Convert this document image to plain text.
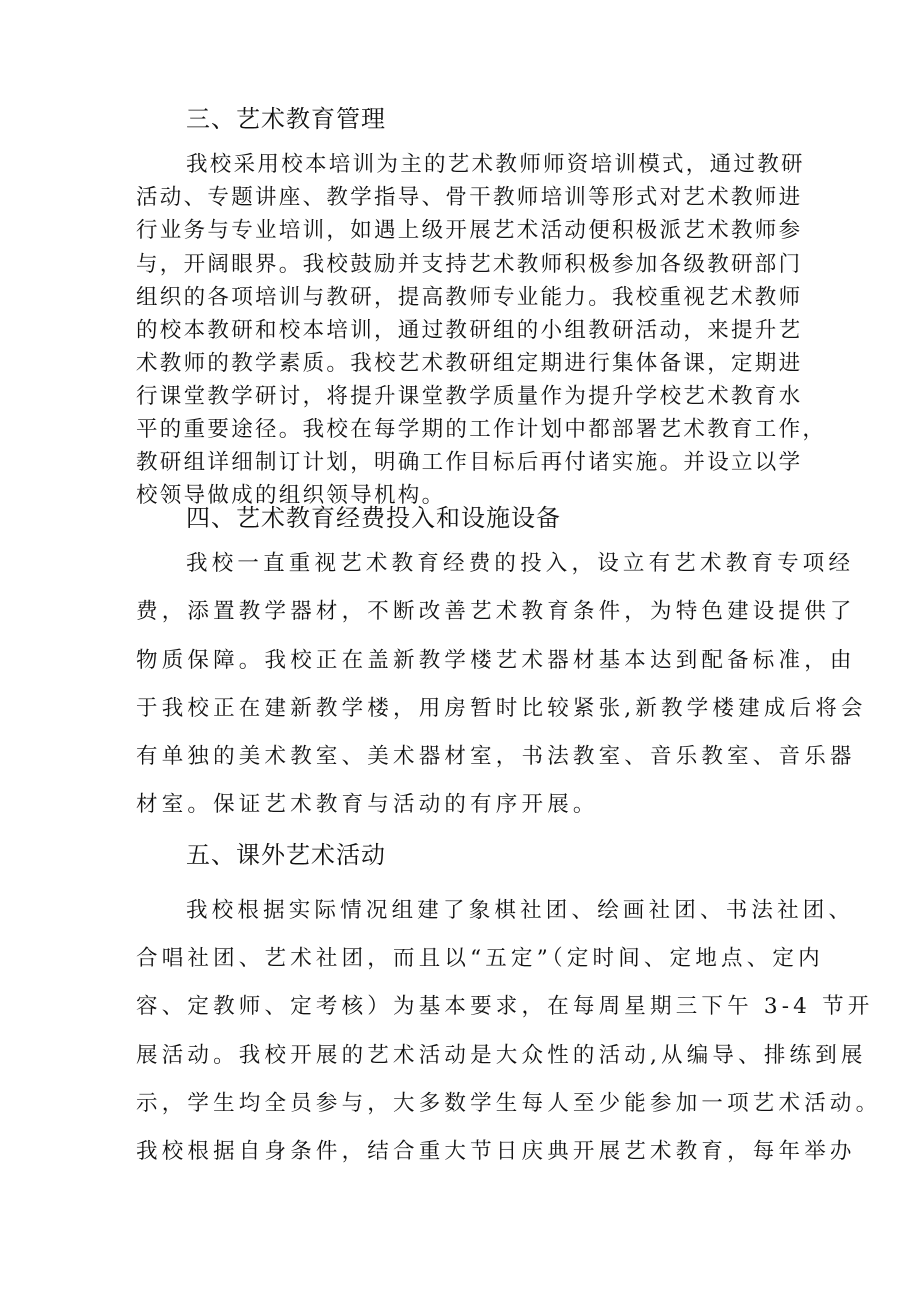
三、艺术教育管理

我校采用校本培训为主的艺术教师师资培训模式，通过教研

活动、专题讲座、教学指导、骨干教师培训等形式对艺术教师进

行业务与专业培训，如遇上级开展艺术活动便积极派艺术教师参

与，开阔眼界。我校鼓励并支持艺术教师积极参加各级教研部门

组织的各项培训与教研，提高教师专业能力。我校重视艺术教师

的校本教研和校本培训，通过教研组的小组教研活动，来提升艺

术教师的教学素质。我校艺术教研组定期进行集体备课，定期进

行课堂教学研讨，将提升课堂教学质量作为提升学校艺术教育水

平的重要途径。我校在每学期的工作计划中都部署艺术教育工作，

教研组详细制订计划，明确工作目标后再付诸实施。并设立以学

校领导做成的组织领导机构。

四、艺术教育经费投入和设施设备

我校一直重视艺术教育经费的投入，设立有艺术教育专项经

费，添置教学器材，不断改善艺术教育条件，为特色建设提供了

物质保障。我校正在盖新教学楼艺术器材基本达到配备标准，由

于我校正在建新教学楼，用房暂时比较紧张,新教学楼建成后将会

有单独的美术教室、美术器材室，书法教室、音乐教室、音乐器

材室。保证艺术教育与活动的有序开展。

五、课外艺术活动

我校根据实际情况组建了象棋社团、绘画社团、书法社团、

合唱社团、艺术社团，而且以“五定”（定时间、定地点、定内

容、定教师、定考核）为基本要求，在每周星期三下午 3-4 节开

展活动。我校开展的艺术活动是大众性的活动,从编导、排练到展

示，学生均全员参与，大多数学生每人至少能参加一项艺术活动。

我校根据自身条件，结合重大节日庆典开展艺术教育，每年举办
